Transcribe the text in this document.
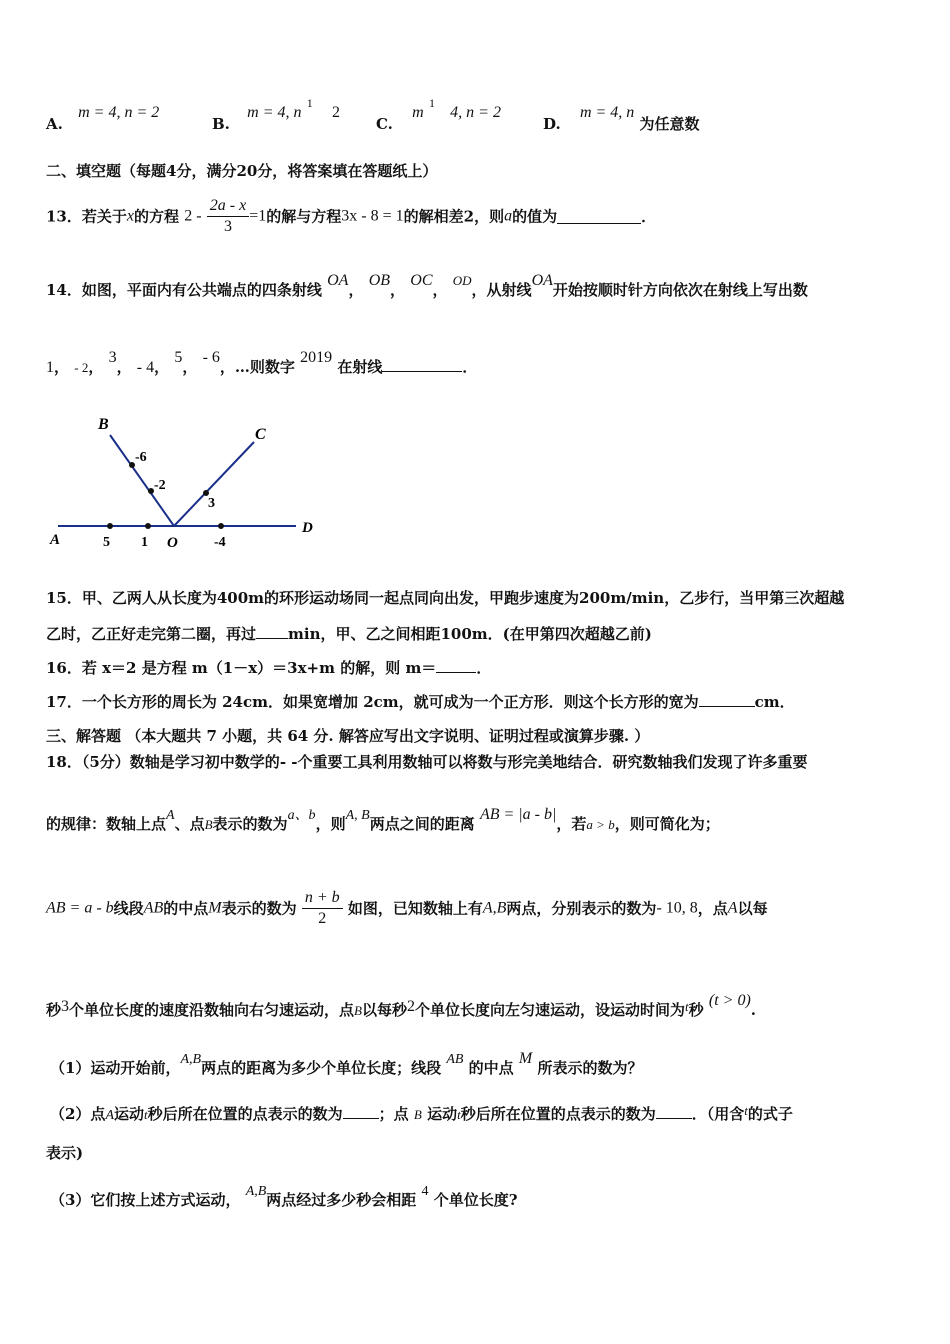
A. m = 4, n = 2
B. m = 4, n $^1$ 2
C. m $^1$ 4, n = 2
D. m = 4, n 为任意数
二、填空题（每题4分，满分20分，将答案填在答题纸上）
13．若关于x的方程 $2 - \frac{2a - x}{3} =1$的解与方程3x - 8 = 1的解相差2，则a的值为	．
14．如图，平面内有公共端点的四条射线 OA， OB， OC， OD，从射线OA开始按顺时针方向依次在射线上写出数
1， - 2， 3， - 4， 5， - 6，…则数字 2019 在射线	．
A
B
C
D
O
5 1	-4
-6
-2
3
15．甲、乙两人从长度为400m的环形运动场同一起点同向出发，甲跑步速度为200m/min，乙步行，当甲第三次超越
乙时，乙正好走完第二圈，再过 min，甲、乙之间相距100m．(在甲第四次超越乙前)
16．若 x＝2 是方程 m（1－x）＝3x+m 的解，则 m＝	．
17．一个长方形的周长为 24cm．如果宽增加 2cm，就可成为一个正方形．则这个长方形的宽为	cm．
三、解答题 （本大题共 7 小题，共 64 分. 解答应写出文字说明、证明过程或演算步骤. ）
18．（5分）数轴是学习初中数学的- -个重要工具利用数轴可以将数与形完美地结合．研究数轴我们发现了许多重要
的规律：数轴上点A、点B表示的数为a、b，则A, B两点之间的距离 AB = |a - b|，若a > b，则可简化为；
AB = a - b线段AB的中点M表示的数为 $\frac{n + b}{2}$ 如图，已知数轴上有A,B两点，分别表示的数为- 10, 8，点A以每
秒3个单位长度的速度沿数轴向右匀速运动，点B以每秒2个单位长度向左匀速运动，设运动时间为t秒 (t > 0).
（1）运动开始前，A,B两点的距离为多少个单位长度；线段 AB 的中点 M 所表示的数为？
（2）点A运动t秒后所在位置的点表示的数为 ；点 B 运动t秒后所在位置的点表示的数为 ．（用含t的式子
表示)
（3）它们按上述方式运动， A,B两点经过多少秒会相距 4 个单位长度?
